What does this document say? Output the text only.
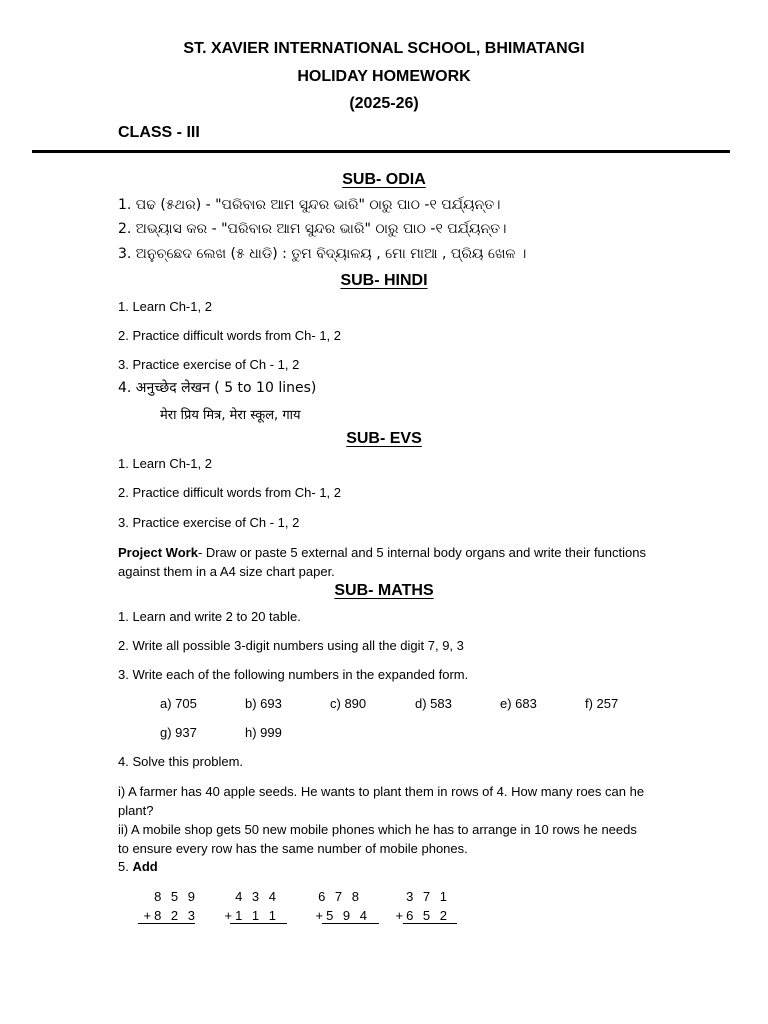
ST. XAVIER INTERNATIONAL SCHOOL, BHIMATANGI
HOLIDAY HOMEWORK
(2025-26)
CLASS - III
SUB- ODIA
1. ପଢ (୫ଥର) - "ପରିବାର ଆମ ସୁନ୍ଦର ଭାରି" ଠାରୁ ପାଠ -୧ ପର୍ଯ୍ୟନ୍ତ।
2. ଅଭ୍ୟାସ କର - "ପରିବାର ଆମ ସୁନ୍ଦର ଭାରି" ଠାରୁ ପାଠ -୧ ପର୍ଯ୍ୟନ୍ତ।
3. ଅନୁଚ୍ଛେଦ ଲେଖ (୫ ଧାଡି) : ତୁମ ବିଦ୍ୟାଳୟ , ମୋ ମାଆ , ପ୍ରିୟ ଖେଳ ।
SUB- HINDI
1. Learn Ch-1, 2
2. Practice difficult words from Ch- 1, 2
3. Practice exercise of Ch - 1, 2
4. अनुच्छेद लेखन ( 5 to 10 lines)
मेरा प्रिय मित्र, मेरा स्कूल, गाय
SUB- EVS
1. Learn Ch-1, 2
2. Practice difficult words from Ch- 1, 2
3. Practice exercise of Ch - 1, 2
Project Work- Draw or paste 5 external and 5 internal body organs and write their functions against them in a A4 size chart paper.
SUB- MATHS
1. Learn and write 2 to 20 table.
2. Write all possible 3-digit numbers using all the digit 7, 9, 3
3. Write each of the following numbers in the expanded form.
a) 705	b) 693	c) 890	d) 583	e) 683	f) 257
g) 937	h) 999
4. Solve this problem.
i) A farmer has 40 apple seeds. He wants to plant them in rows of 4. How many roes can he plant?
ii) A mobile shop gets 50 new mobile phones which he has to arrange in 10 rows he needs to ensure every row has the same number of mobile phones.
5. Add
8 5 9
+8 2 3
4 3 4
+1 1 1
6 7 8
+5 9 4
3 7 1
+6 5 2
